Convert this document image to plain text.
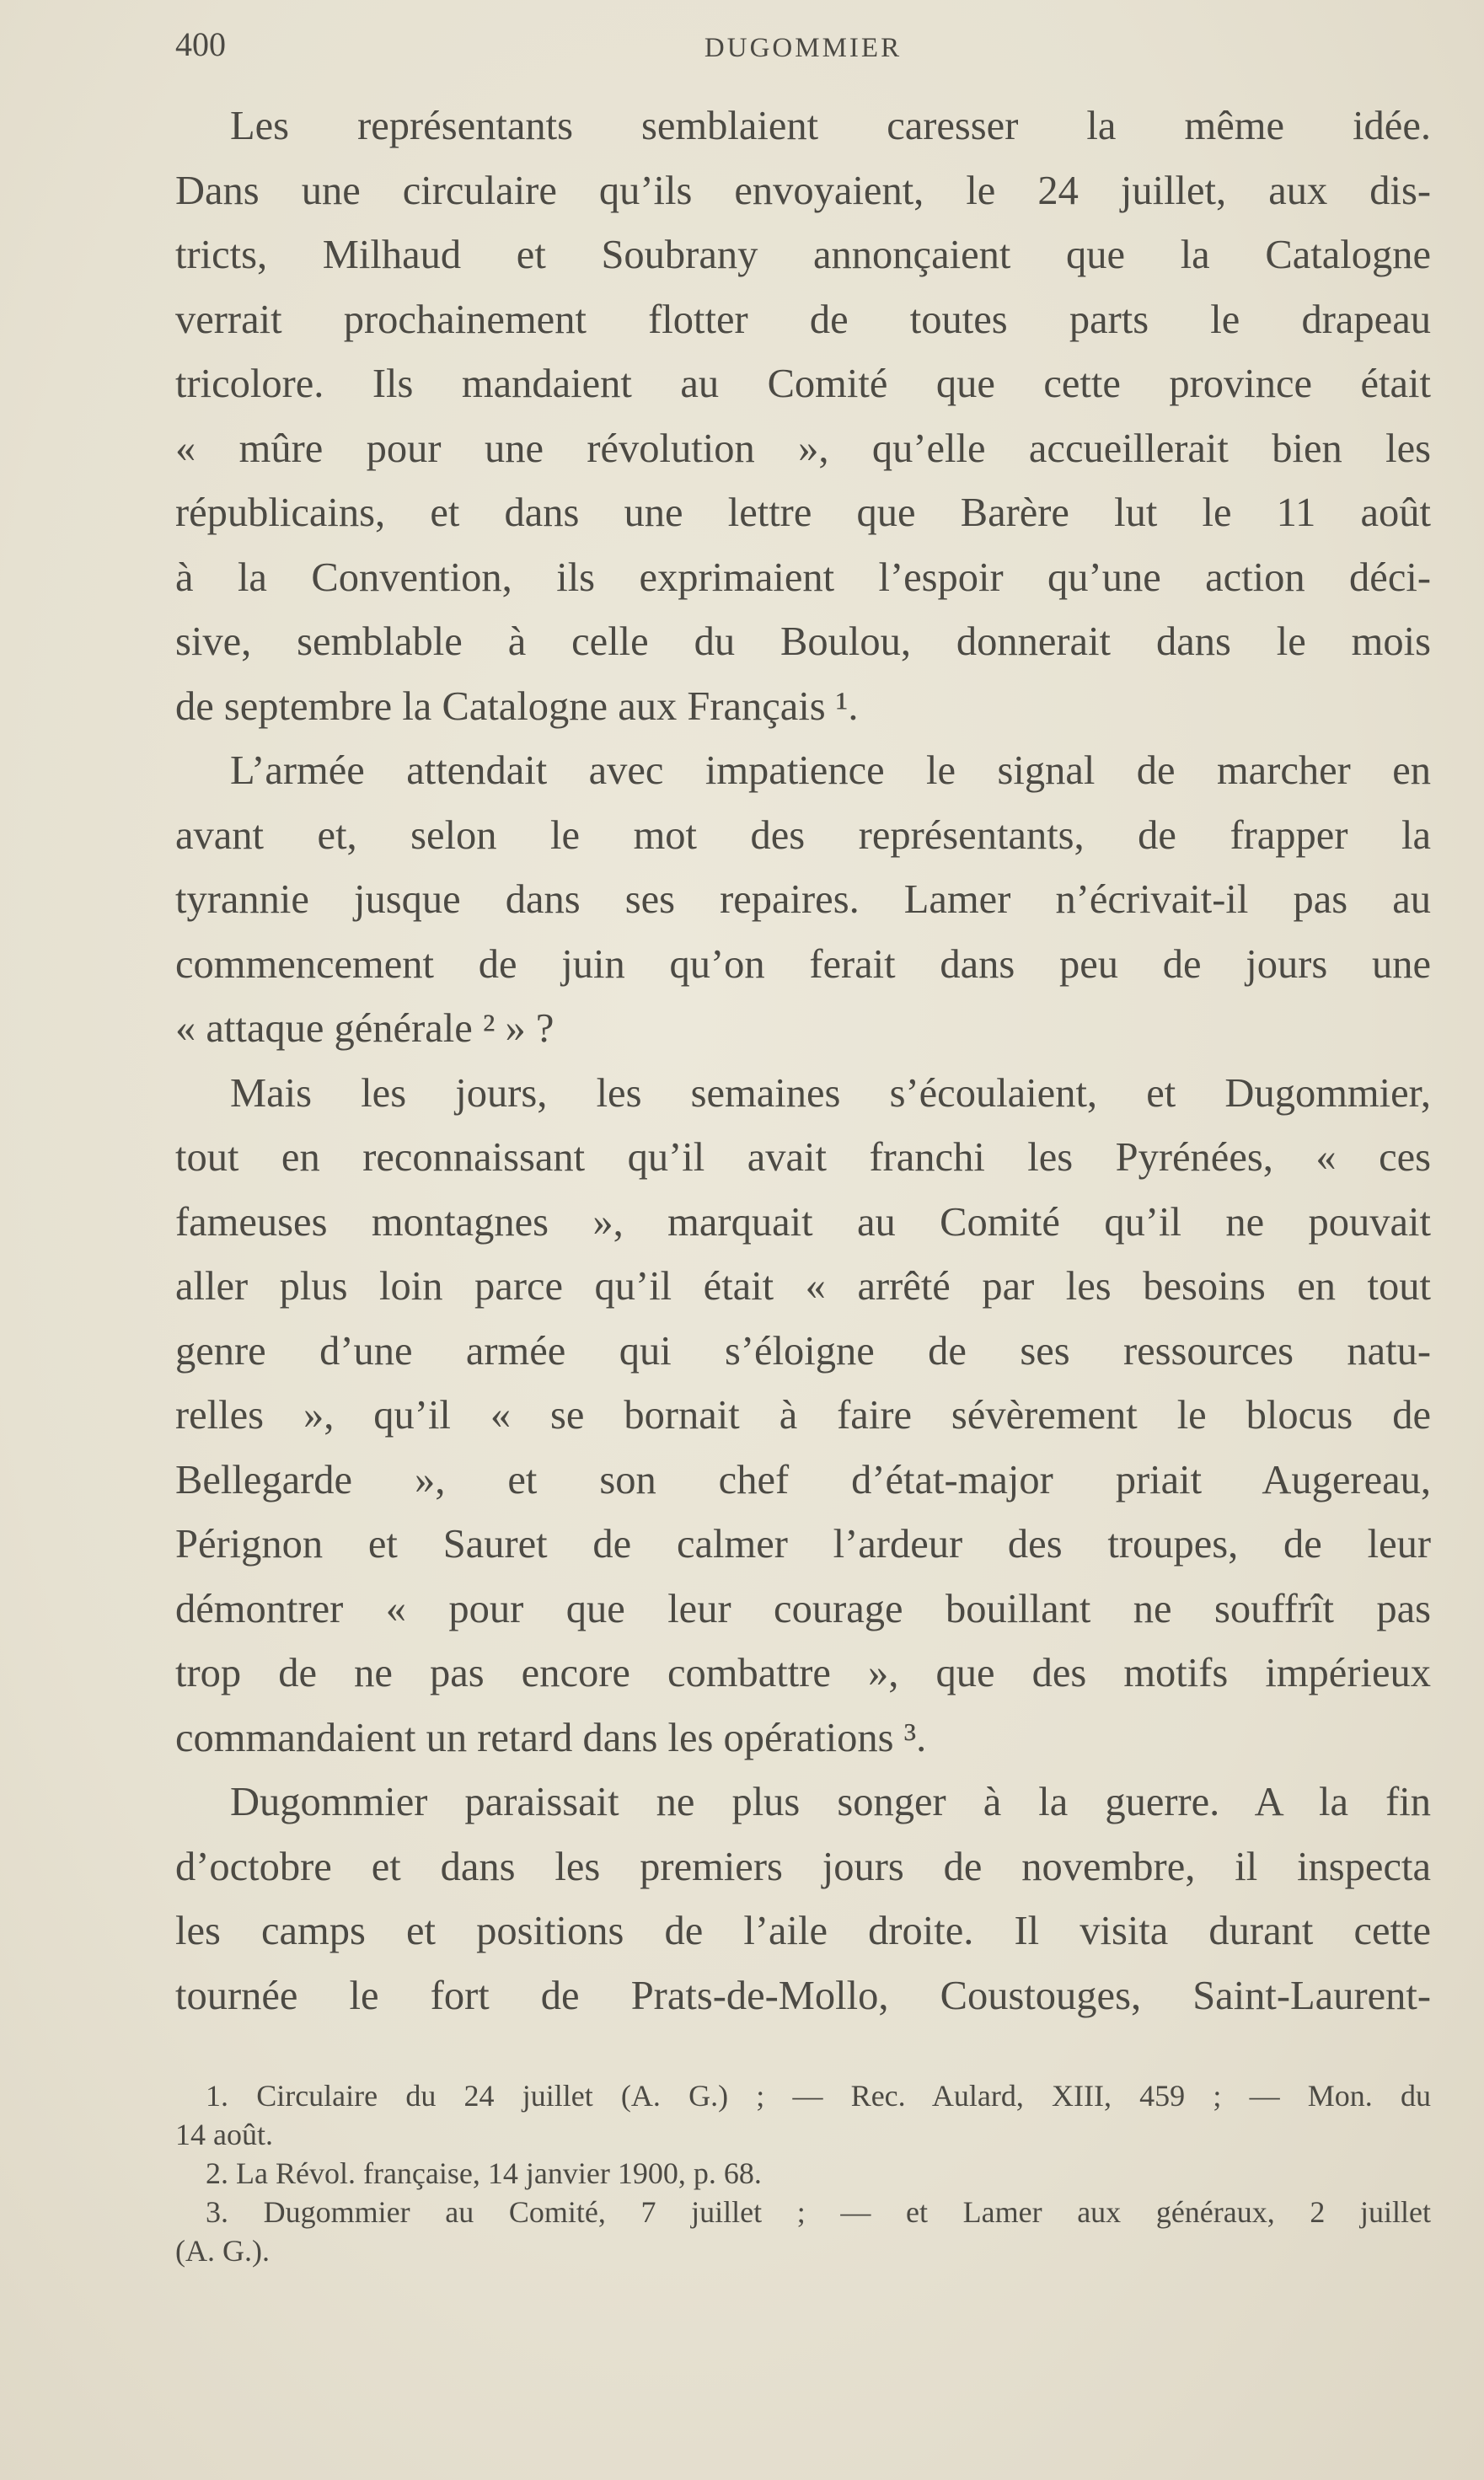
400	DUGOMMIER
Les représentants semblaient caresser la même idée.
Dans une circulaire qu’ils envoyaient, le 24 juillet, aux dis-
tricts, Milhaud et Soubrany annonçaient que la Catalogne
verrait prochainement flotter de toutes parts le drapeau
tricolore. Ils mandaient au Comité que cette province était
« mûre pour une révolution », qu’elle accueillerait bien les
républicains, et dans une lettre que Barère lut le 11 août
à la Convention, ils exprimaient l’espoir qu’une action déci-
sive, semblable à celle du Boulou, donnerait dans le mois
de septembre la Catalogne aux Français ¹.
L’armée attendait avec impatience le signal de marcher en
avant et, selon le mot des représentants, de frapper la
tyrannie jusque dans ses repaires. Lamer n’écrivait-il pas au
commencement de juin qu’on ferait dans peu de jours une
« attaque générale ² » ?
Mais les jours, les semaines s’écoulaient, et Dugommier,
tout en reconnaissant qu’il avait franchi les Pyrénées, « ces
fameuses montagnes », marquait au Comité qu’il ne pouvait
aller plus loin parce qu’il était « arrêté par les besoins en tout
genre d’une armée qui s’éloigne de ses ressources natu-
relles », qu’il « se bornait à faire sévèrement le blocus de
Bellegarde », et son chef d’état-major priait Augereau,
Pérignon et Sauret de calmer l’ardeur des troupes, de leur
démontrer « pour que leur courage bouillant ne souffrît pas
trop de ne pas encore combattre », que des motifs impérieux
commandaient un retard dans les opérations ³.
Dugommier paraissait ne plus songer à la guerre. A la fin
d’octobre et dans les premiers jours de novembre, il inspecta
les camps et positions de l’aile droite. Il visita durant cette
tournée le fort de Prats-de-Mollo, Coustouges, Saint-Laurent-
1. Circulaire du 24 juillet (A. G.) ; — Rec. Aulard, XIII, 459 ; — Mon. du
14 août.
2. La Révol. française, 14 janvier 1900, p. 68.
3. Dugommier au Comité, 7 juillet ; — et Lamer aux généraux, 2 juillet
(A. G.).
